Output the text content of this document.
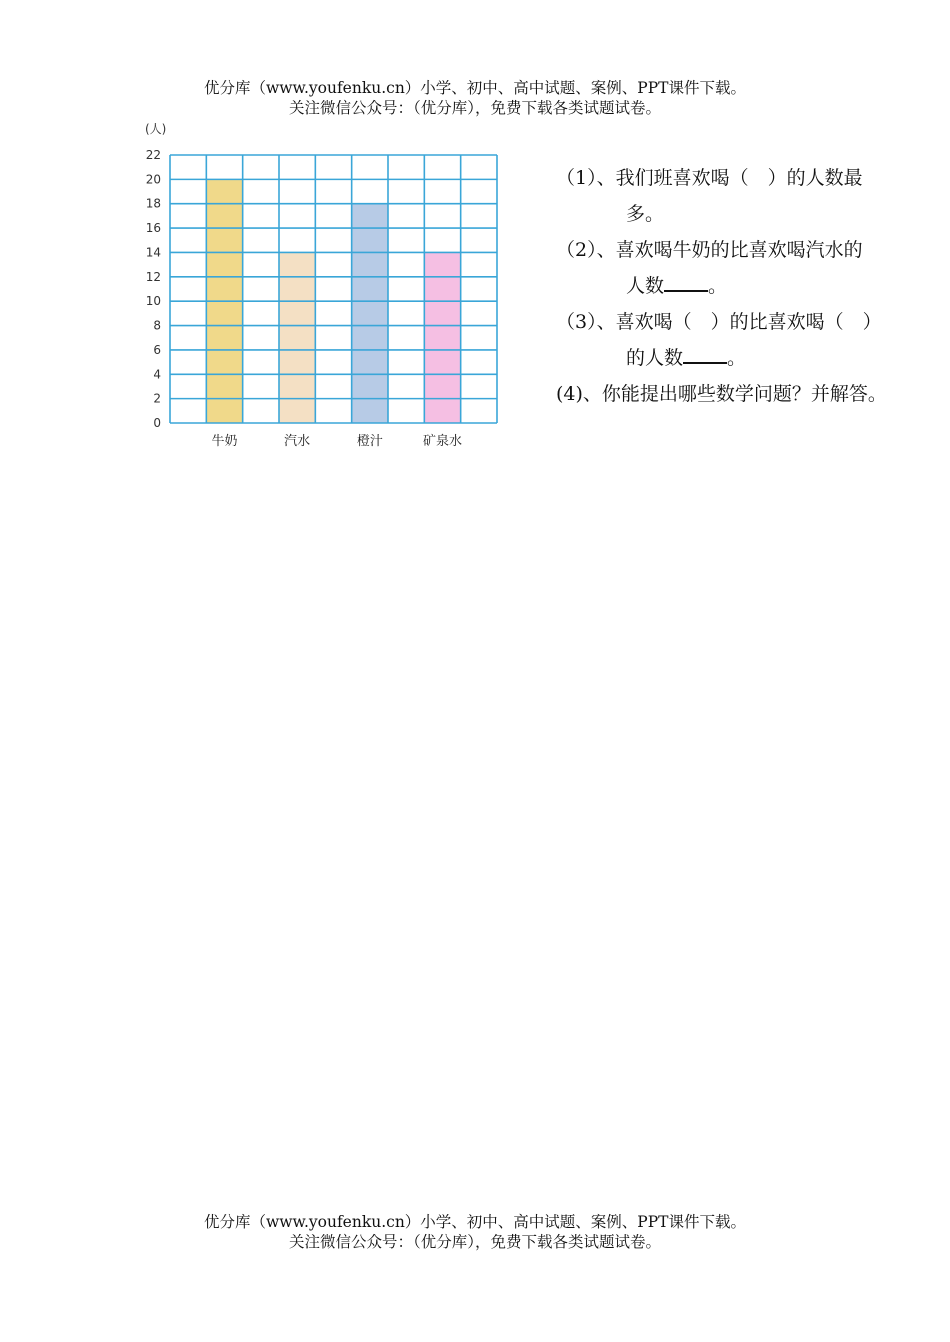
优分库（www.youfenku.cn）小学、初中、高中试题、案例、PPT课件下载。
关注微信公众号：（优分库），免费下载各类试题试卷。
(人)
0
2
4
6
8
10
12
14
16
18
20
22
牛奶	汽水	橙汁	矿泉水
（1）、我们班喜欢喝（　）的人数最
多。
（2）、喜欢喝牛奶的比喜欢喝汽水的
人数 。
（3）、喜欢喝（　）的比喜欢喝（　）
的人数 。
(4)、你能提出哪些数学问题？并解答。
优分库（www.youfenku.cn）小学、初中、高中试题、案例、PPT课件下载。
关注微信公众号：（优分库），免费下载各类试题试卷。
